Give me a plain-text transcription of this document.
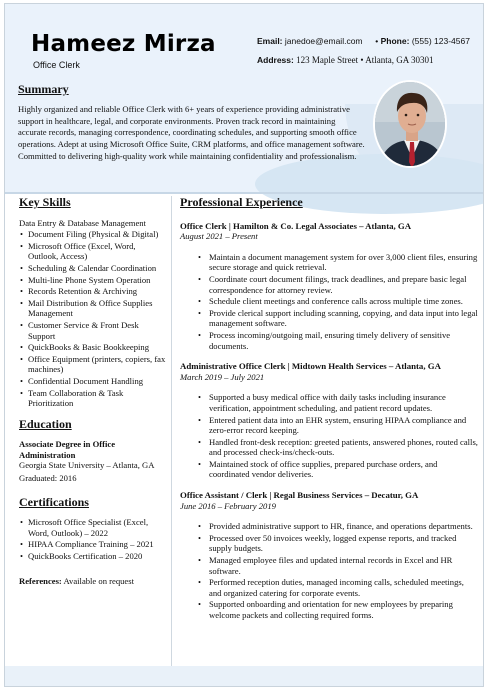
Hameez Mirza
Office Clerk
Email: janedoe@email.com • Phone: (555) 123-4567
Address: 123 Maple Street • Atlanta, GA 30301
Summary
Highly organized and reliable Office Clerk with 6+ years of experience providing administrative support in healthcare, legal, and corporate environments. Proven track record in maintaining accurate records, managing correspondence, coordinating schedules, and supporting smooth office operations. Adept at using Microsoft Office Suite, CRM platforms, and office management software. Committed to delivering high-quality work while maintaining confidentiality and professionalism.
Key Skills
Data Entry & Database Management
• Document Filing (Physical & Digital)
• Microsoft Office (Excel, Word, Outlook, Access)
• Scheduling & Calendar Coordination
• Multi-line Phone System Operation
• Records Retention & Archiving
• Mail Distribution & Office Supplies Management
• Customer Service & Front Desk Support
• QuickBooks & Basic Bookkeeping
• Office Equipment (printers, copiers, fax machines)
• Confidential Document Handling
• Team Collaboration & Task Prioritization
Education
Associate Degree in Office Administration
Georgia State University – Atlanta, GA
Graduated: 2016
Certifications
• Microsoft Office Specialist (Excel, Word, Outlook) – 2022
• HIPAA Compliance Training – 2021
• QuickBooks Certification – 2020
References: Available on request
Professional Experience
Office Clerk | Hamilton & Co. Legal Associates – Atlanta, GA
August 2021 – Present
• Maintain a document management system for over 3,000 client files, ensuring secure storage and quick retrieval.
• Coordinate court document filings, track deadlines, and prepare basic legal correspondence for attorney review.
• Schedule client meetings and conference calls across multiple time zones.
• Provide clerical support including scanning, copying, and data input into legal management software.
• Process incoming/outgoing mail, ensuring timely delivery of sensitive documents.
Administrative Office Clerk | Midtown Health Services – Atlanta, GA
March 2019 – July 2021
• Supported a busy medical office with daily tasks including insurance verification, appointment scheduling, and patient record updates.
• Entered patient data into an EHR system, ensuring HIPAA compliance and zero-error record keeping.
• Handled front-desk reception: greeted patients, answered phones, routed calls, and processed check-ins/check-outs.
• Maintained stock of office supplies, prepared purchase orders, and coordinated vendor deliveries.
Office Assistant / Clerk | Regal Business Services – Decatur, GA
June 2016 – February 2019
• Provided administrative support to HR, finance, and operations departments.
• Processed over 50 invoices weekly, logged expense reports, and tracked supply budgets.
• Managed employee files and updated internal records in Excel and HR software.
• Performed reception duties, managed incoming calls, scheduled meetings, and organized catering for corporate events.
• Supported onboarding and orientation for new employees by preparing welcome packets and collecting required forms.
